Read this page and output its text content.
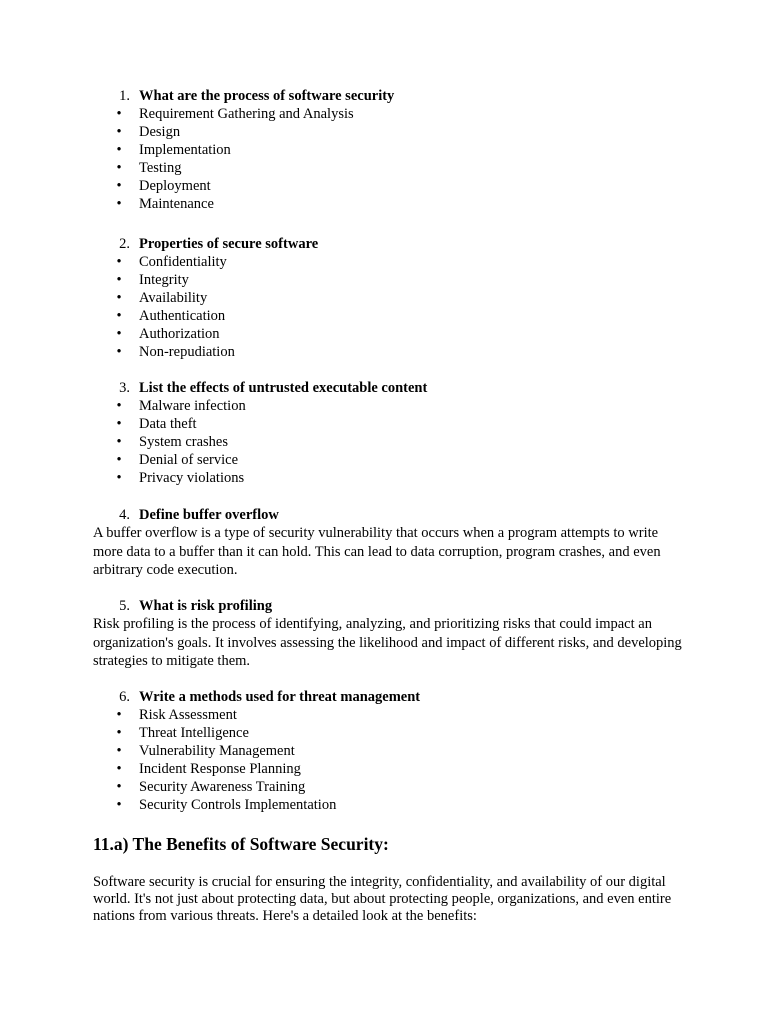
1. What are the process of software security
• Requirement Gathering and Analysis
• Design
• Implementation
• Testing
• Deployment
• Maintenance
2. Properties of secure software
• Confidentiality
• Integrity
• Availability
• Authentication
• Authorization
• Non-repudiation
3. List the effects of untrusted executable content
• Malware infection
• Data theft
• System crashes
• Denial of service
• Privacy violations
4. Define buffer overflow

A buffer overflow is a type of security vulnerability that occurs when a program attempts to write more data to a buffer than it can hold. This can lead to data corruption, program crashes, and even arbitrary code execution.

5. What is risk profiling

Risk profiling is the process of identifying, analyzing, and prioritizing risks that could impact an organization's goals. It involves assessing the likelihood and impact of different risks, and developing strategies to mitigate them.

6. Write a methods used for threat management
• Risk Assessment
• Threat Intelligence
• Vulnerability Management
• Incident Response Planning
• Security Awareness Training
• Security Controls Implementation
11.a) The Benefits of Software Security:

Software security is crucial for ensuring the integrity, confidentiality, and availability of our digital world. It's not just about protecting data, but about protecting people, organizations, and even entire nations from various threats. Here's a detailed look at the benefits:
